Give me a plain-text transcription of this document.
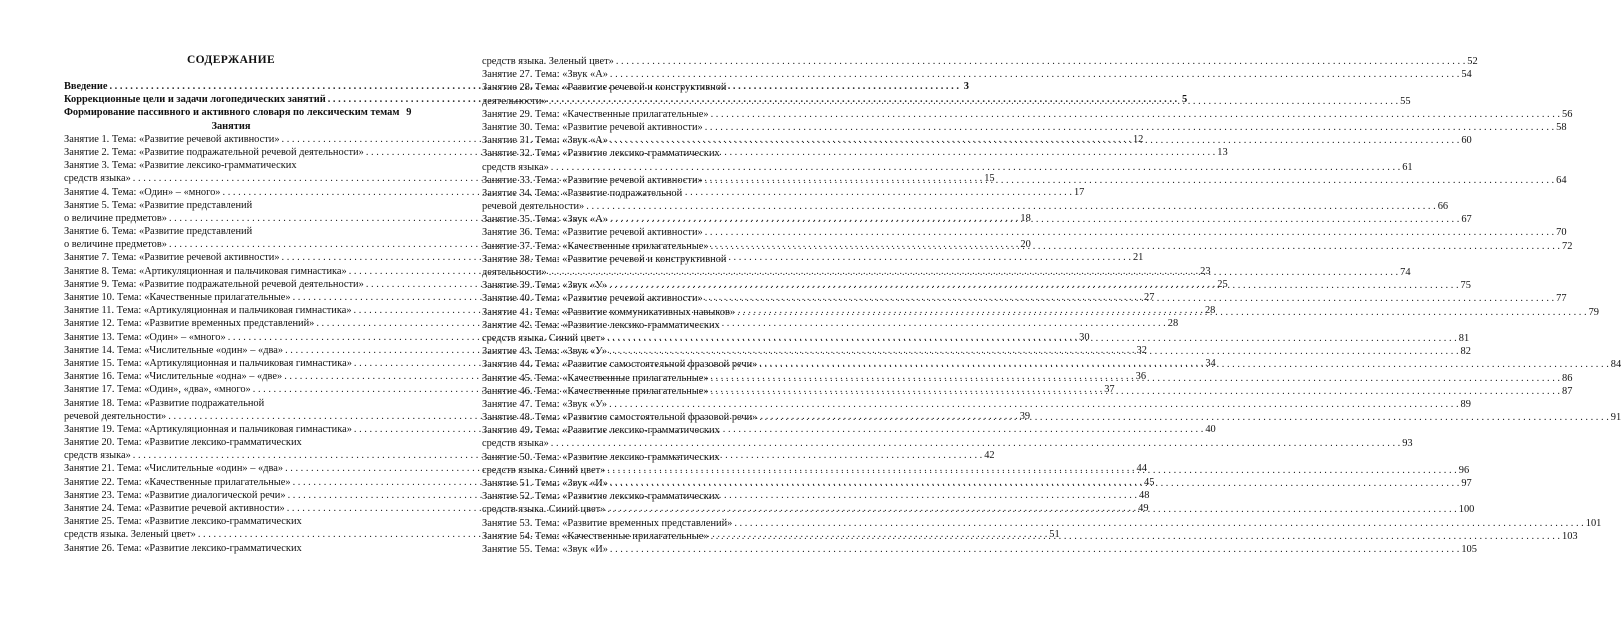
СОДЕРЖАНИЕ
Введение . . .	3
Коррекционные цели и задачи логопедических занятий . . .	5
Формирование пассивного и активного словаря по лексическим темам 9
Занятия
Занятие 1. Тема: «Развитие речевой активности» . . .	12
Занятие 2. Тема: «Развитие подражательной речевой деятельности» . . .	13
Занятие 3. Тема: «Развитие лексико-грамматических
средств языка» . . .	15
Занятие 4. Тема: «Один» – «много» . . .	17
Занятие 5. Тема: «Развитие представлений
о величине предметов» . . .	18
Занятие 6. Тема: «Развитие представлений
о величине предметов» . . .	20
Занятие 7. Тема: «Развитие речевой активности» . . .	21
Занятие 8. Тема: «Артикуляционная и пальчиковая гимнастика» . . .	23
Занятие 9. Тема: «Развитие подражательной речевой деятельности» . . .	25
Занятие 10. Тема: «Качественные прилагательные» . . .	27
Занятие 11. Тема: «Артикуляционная и пальчиковая гимнастика» . . .	28
Занятие 12. Тема: «Развитие временных представлений» . . .	28
Занятие 13. Тема: «Один» – «много» . . .	30
Занятие 14. Тема: «Числительные «один» – «два» . . .	32
Занятие 15. Тема: «Артикуляционная и пальчиковая гимнастика» . . .	34
Занятие 16. Тема: «Числительные «одна» – «две» . . .	36
Занятие 17. Тема: «Один», «два», «много» . . .	37
Занятие 18. Тема: «Развитие подражательной
речевой деятельности» . . .	39
Занятие 19. Тема: «Артикуляционная и пальчиковая гимнастика» . . .	40
Занятие 20. Тема: «Развитие лексико-грамматических
средств языка» . . .	42
Занятие 21. Тема: «Числительные «один» – «два» . . .	44
Занятие 22. Тема: «Качественные прилагательные» . . .	45
Занятие 23. Тема: «Развитие диалогической речи» . . .	48
Занятие 24. Тема: «Развитие речевой активности» . . .	49
Занятие 25. Тема: «Развитие лексико-грамматических
средств языка. Зеленый цвет» . . .	51
Занятие 26. Тема: «Развитие лексико-грамматических
средств языка. Зеленый цвет» . . .	52
Занятие 27. Тема: «Звук «А» . . .	54
Занятие 28. Тема: «Развитие речевой и конструктивной
деятельности» . . .	55
Занятие 29. Тема: «Качественные прилагательные» . . .	56
Занятие 30. Тема: «Развитие речевой активности» . . .	58
Занятие 31. Тема: «Звук «А» . . .	60
Занятие 32. Тема: «Развитие лексико-грамматических
средств языка» . . .	61
Занятие 33. Тема: «Развитие речевой активности» . . .	64
Занятие 34. Тема: «Развитие подражательной
речевой деятельности» . . .	66
Занятие 35. Тема: «Звук «А» . . .	67
Занятие 36. Тема: «Развитие речевой активности» . . .	70
Занятие 37. Тема: «Качественные прилагательные» . . .	72
Занятие 38. Тема: «Развитие речевой и конструктивной
деятельности» . . .	74
Занятие 39. Тема: «Звук «У» . . .	75
Занятие 40. Тема: «Развитие речевой активности» . . .	77
Занятие 41. Тема: «Развитие коммуникативных навыков» . . .	79
Занятие 42. Тема: «Развитие лексико-грамматических
средств языка. Синий цвет» . . .	81
Занятие 43. Тема: «Звук «У» . . .	82
Занятие 44. Тема: «Развитие самостоятельной фразовой речи» . . .	84
Занятие 45. Тема: «Качественные прилагательные» . . .	86
Занятие 46. Тема: «Качественные прилагательные» . . .	87
Занятие 47. Тема: «Звук «У» . . .	89
Занятие 48. Тема: «Развитие самостоятельной фразовой речи» . . .	91
Занятие 49. Тема: «Развитие лексико-грамматических
средств языка» . . .	93
Занятие 50. Тема: «Развитие лексико-грамматических
средств языка. Синий цвет» . . .	96
Занятие 51. Тема: «Звук «И» . . .	97
Занятие 52. Тема: «Развитие лексико-грамматических
средств языка. Синий цвет» . . .	100
Занятие 53. Тема: «Развитие временных представлений» . . .	101
Занятие 54. Тема: «Качественные прилагательные» . . .	103
Занятие 55. Тема: «Звук «И» . . .	105
